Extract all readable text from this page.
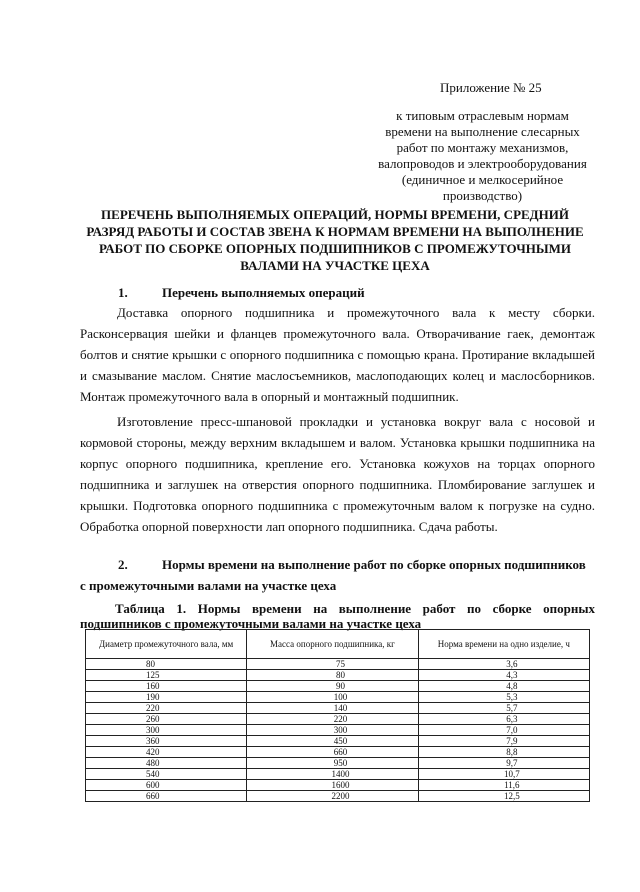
Приложение № 25
к типовым отраслевым нормам
времени на выполнение слесарных
работ по монтажу механизмов,
валопроводов и электрооборудования
(единичное и мелкосерийное
производство)
ПЕРЕЧЕНЬ ВЫПОЛНЯЕМЫХ ОПЕРАЦИЙ, НОРМЫ ВРЕМЕНИ, СРЕДНИЙ
РАЗРЯД РАБОТЫ И СОСТАВ ЗВЕНА К НОРМАМ ВРЕМЕНИ НА ВЫПОЛНЕНИЕ
РАБОТ ПО СБОРКЕ ОПОРНЫХ ПОДШИПНИКОВ С ПРОМЕЖУТОЧНЫМИ
ВАЛАМИ НА УЧАСТКЕ ЦЕХА
1.	Перечень выполняемых операций

Доставка опорного подшипника и промежуточного вала к месту сборки. Расконсервация шейки и фланцев промежуточного вала. Отворачивание гаек, демонтаж болтов и снятие крышки с опорного подшипника с помощью крана. Протирание вкладышей и смазывание маслом. Снятие маслосъемников, маслоподающих колец и маслосборников. Монтаж промежуточного вала в опорный и монтажный подшипник.

Изготовление пресс-шпановой прокладки и установка вокруг вала с носовой и кормовой стороны, между верхним вкладышем и валом. Установка крышки подшипника на корпус опорного подшипника, крепление его. Установка кожухов на торцах опорного подшипника и заглушек на отверстия опорного подшипника. Пломбирование заглушек и крышки. Подготовка опорного подшипника с промежуточным валом к погрузке на судно. Обработка опорной поверхности лап опорного подшипника. Сдача работы.

2.	Нормы времени на выполнение работ по сборке опорных подшипников
с промежуточными валами на участке цеха
Таблица 1. Нормы времени на выполнение работ по сборке опорных подшипников с промежуточными валами на участке цеха
Диаметр промежуточного вала, мм	Масса опорного подшипника, кг	Норма времени на одно изделие, ч
80	75	3,6
125	80	4,3
160	90	4,8
190	100	5,3
220	140	5,7
260	220	6,3
300	300	7,0
360	450	7,9
420	660	8,8
480	950	9,7
540	1400	10,7
600	1600	11,6
660	2200	12,5
